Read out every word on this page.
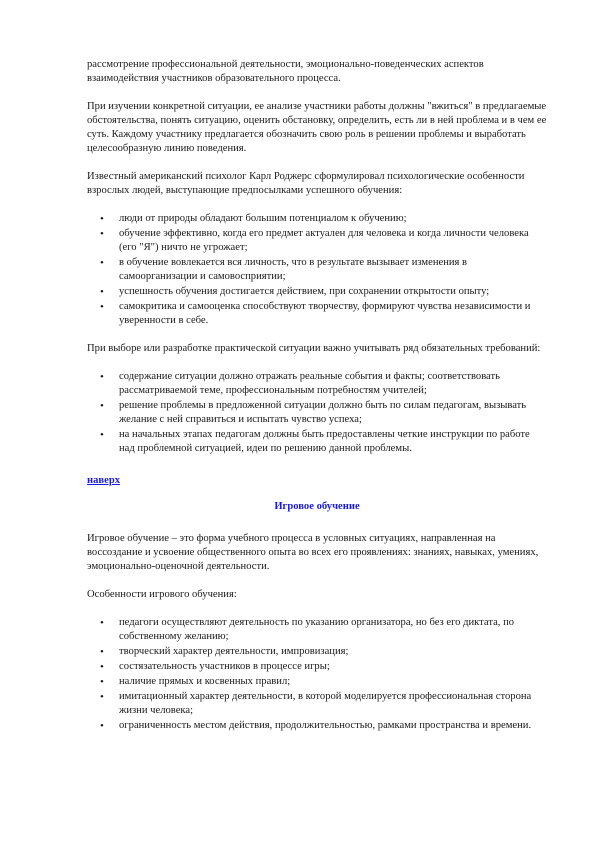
рассмотрение профессиональной деятельности, эмоционально-поведенческих аспектов взаимодействия участников образовательного процесса.

При изучении конкретной ситуации, ее анализе участники работы должны "вжиться" в предлагаемые обстоятельства, понять ситуацию, оценить обстановку, определить, есть ли в ней проблема и в чем ее суть. Каждому участнику предлагается обозначить свою роль в решении проблемы и выработать целесообразную линию поведения.

Известный американский психолог Карл Роджерс сформулировал психологические особенности взрослых людей, выступающие предпосылками успешного обучения:

• люди от природы обладают большим потенциалом к обучению;
• обучение эффективно, когда его предмет актуален для человека и когда личности человека (его "Я") ничто не угрожает;
• в обучение вовлекается вся личность, что в результате вызывает изменения в самоорганизации и самовосприятии;
• успешность обучения достигается действием, при сохранении открытости опыту;
• самокритика и самооценка способствуют творчеству, формируют чувства независимости и уверенности в себе.

При выборе или разработке практической ситуации важно учитывать ряд обязательных требований:

• содержание ситуации должно отражать реальные события и факты; соответствовать рассматриваемой теме, профессиональным потребностям учителей;
• решение проблемы в предложенной ситуации должно быть по силам педагогам, вызывать желание с ней справиться и испытать чувство успеха;
• на начальных этапах педагогам должны быть предоставлены четкие инструкции по работе над проблемной ситуацией, идеи по решению данной проблемы.
наверх

Игровое обучение

Игровое обучение – это форма учебного процесса в условных ситуациях, направленная на воссоздание и усвоение общественного опыта во всех его проявлениях: знаниях, навыках, умениях, эмоционально-оценочной деятельности.

Особенности игрового обучения:

• педагоги осуществляют деятельность по указанию организатора, но без его диктата, по собственному желанию;
• творческий характер деятельности, импровизация;
• состязательность участников в процессе игры;
• наличие прямых и косвенных правил;
• имитационный характер деятельности, в которой моделируется профессиональная сторона жизни человека;
• ограниченность местом действия, продолжительностью, рамками пространства и времени.
